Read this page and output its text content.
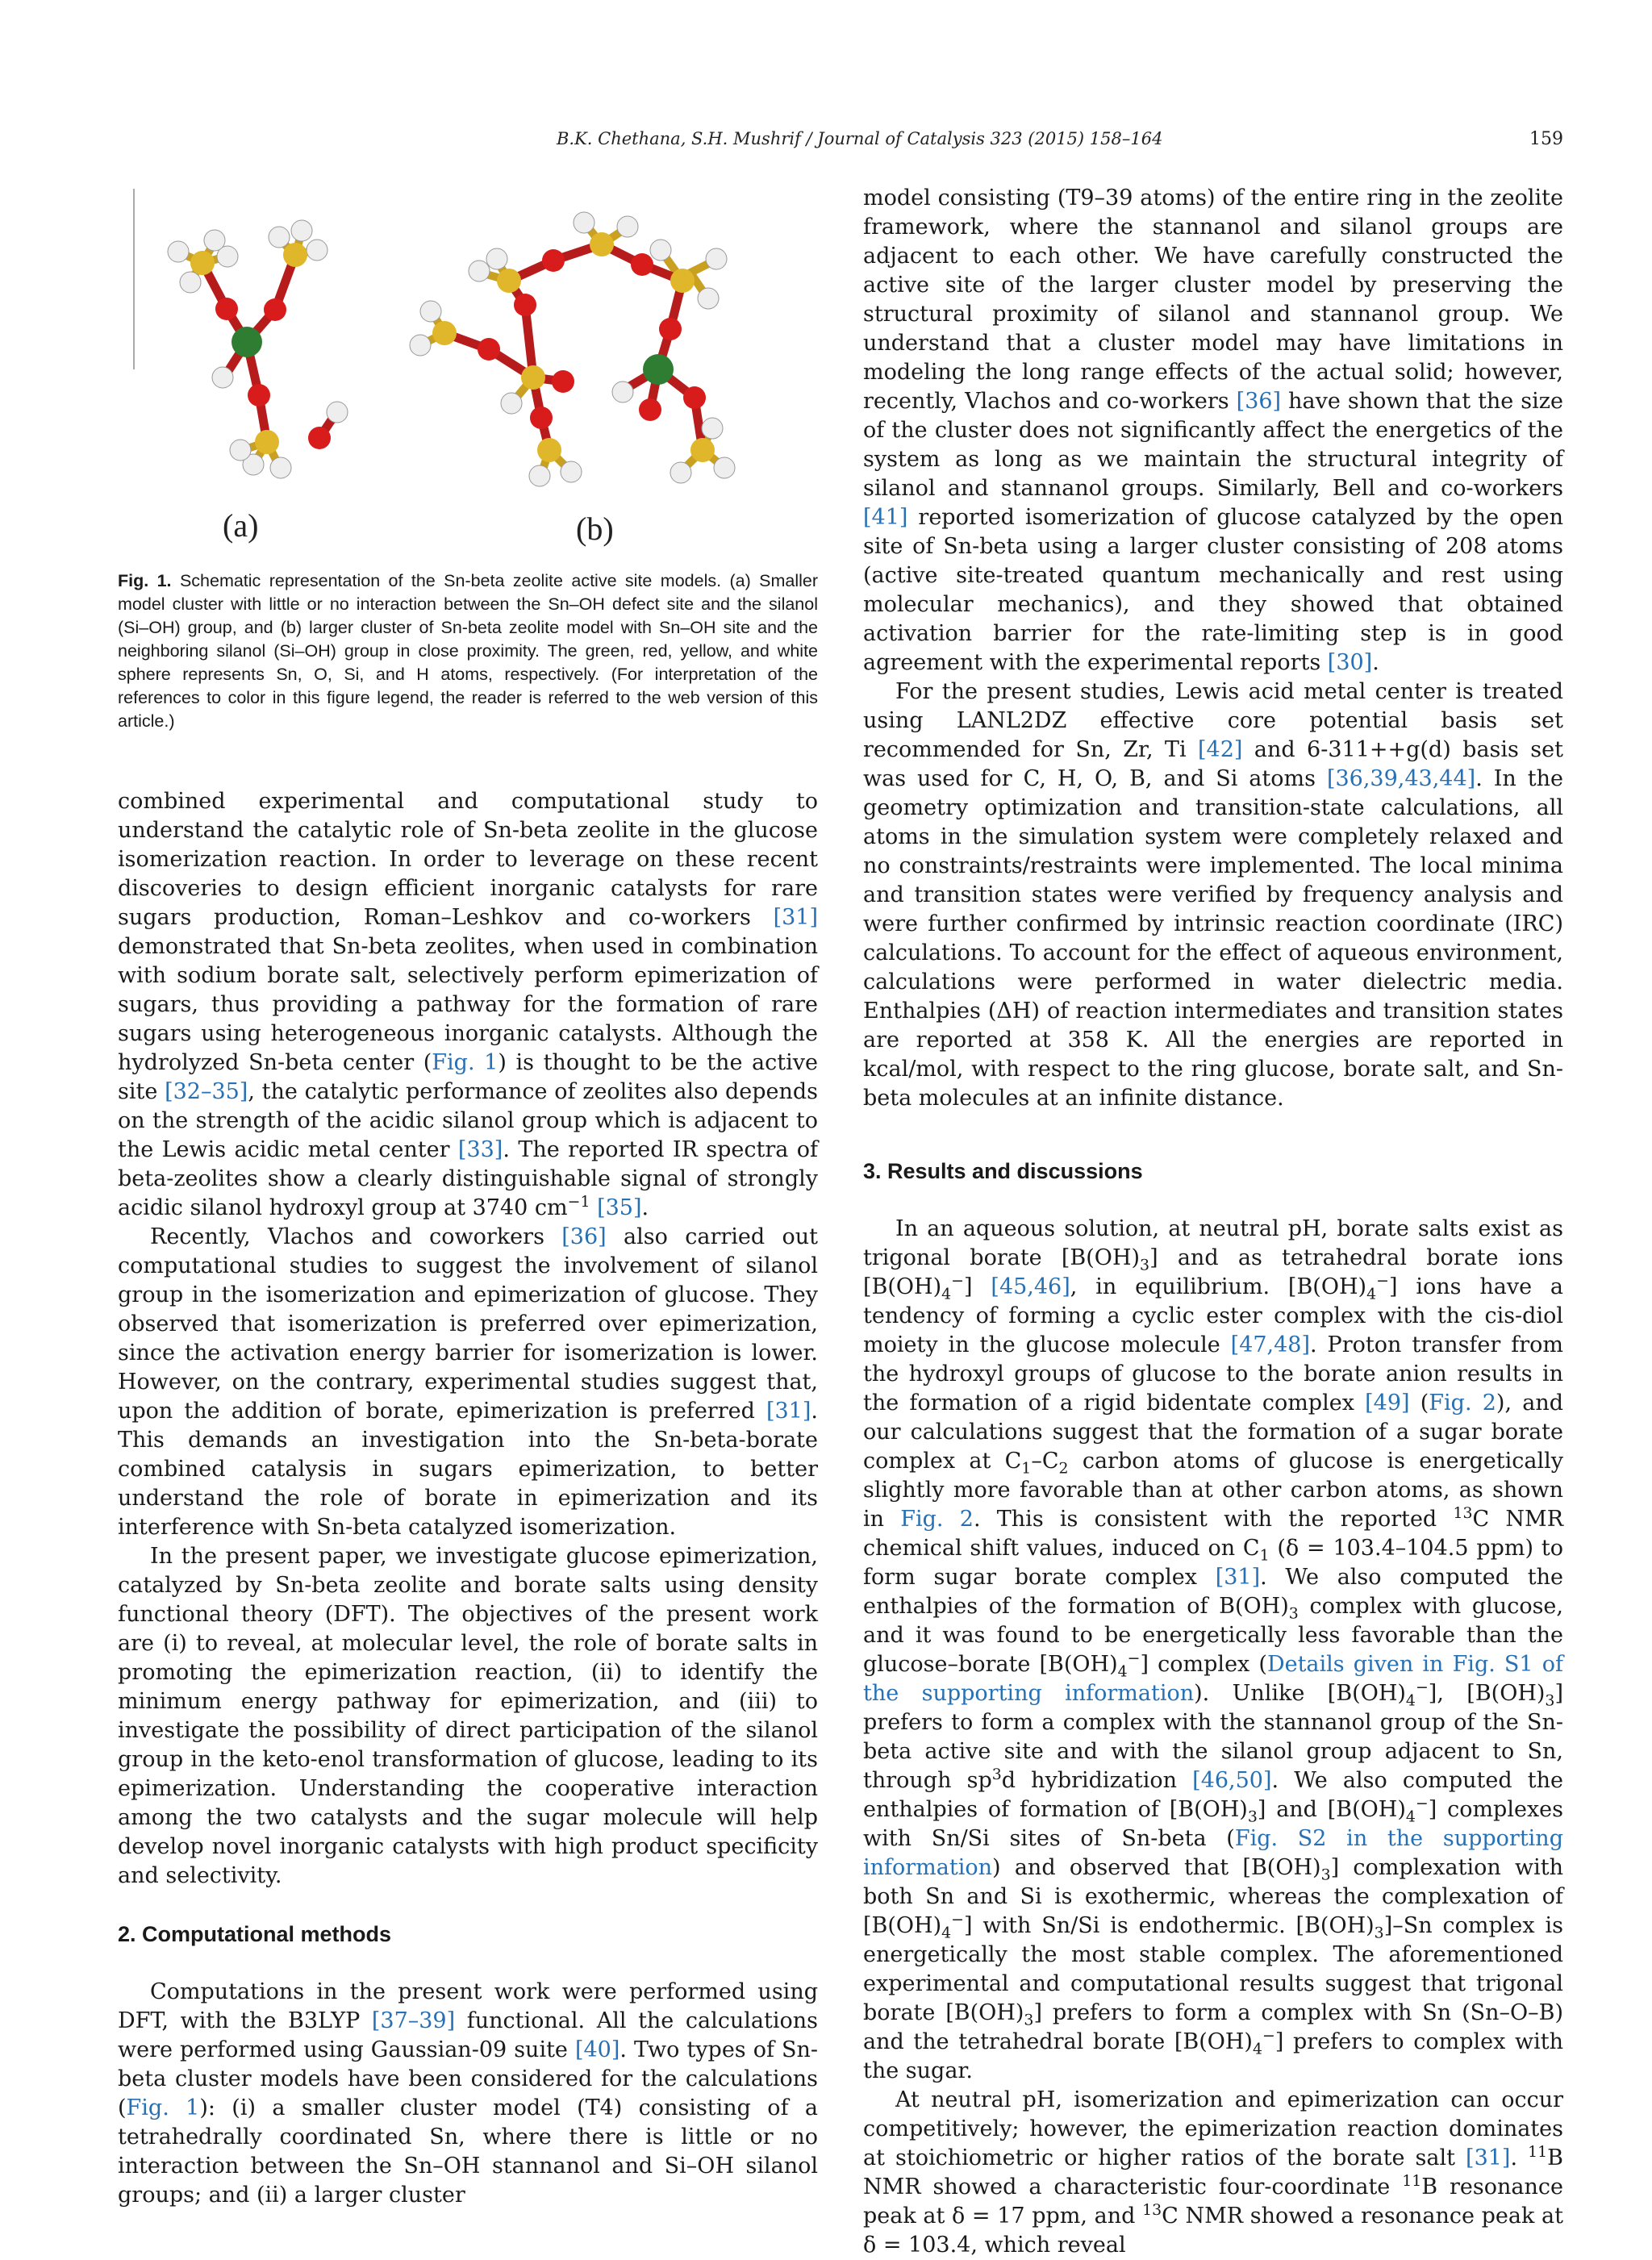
B.K. Chethana, S.H. Mushrif / Journal of Catalysis 323 (2015) 158–164	159
(a)	(b)
Fig. 1. Schematic representation of the Sn-beta zeolite active site models. (a) Smaller model cluster with little or no interaction between the Sn–OH defect site and the silanol (Si–OH) group, and (b) larger cluster of Sn-beta zeolite model with Sn–OH site and the neighboring silanol (Si–OH) group in close proximity. The green, red, yellow, and white sphere represents Sn, O, Si, and H atoms, respectively. (For interpretation of the references to color in this figure legend, the reader is referred to the web version of this article.)

combined experimental and computational study to understand the catalytic role of Sn-beta zeolite in the glucose isomerization reaction. In order to leverage on these recent discoveries to design efficient inorganic catalysts for rare sugars production, Roman–Leshkov and co-workers [31] demonstrated that Sn-beta zeolites, when used in combination with sodium borate salt, selectively perform epimerization of sugars, thus providing a pathway for the formation of rare sugars using heterogeneous inorganic catalysts. Although the hydrolyzed Sn-beta center (Fig. 1) is thought to be the active site [32–35], the catalytic performance of zeolites also depends on the strength of the acidic silanol group which is adjacent to the Lewis acidic metal center [33]. The reported IR spectra of beta-zeolites show a clearly distinguishable signal of strongly acidic silanol hydroxyl group at 3740 $cm^{-1}$ [35].

Recently, Vlachos and coworkers [36] also carried out computational studies to suggest the involvement of silanol group in the isomerization and epimerization of glucose. They observed that isomerization is preferred over epimerization, since the activation energy barrier for isomerization is lower. However, on the contrary, experimental studies suggest that, upon the addition of borate, epimerization is preferred [31]. This demands an investigation into the Sn-beta-borate combined catalysis in sugars epimerization, to better understand the role of borate in epimerization and its interference with Sn-beta catalyzed isomerization.

In the present paper, we investigate glucose epimerization, catalyzed by Sn-beta zeolite and borate salts using density functional theory (DFT). The objectives of the present work are (i) to reveal, at molecular level, the role of borate salts in promoting the epimerization reaction, (ii) to identify the minimum energy pathway for epimerization, and (iii) to investigate the possibility of direct participation of the silanol group in the keto-enol transformation of glucose, leading to its epimerization. Understanding the cooperative interaction among the two catalysts and the sugar molecule will help develop novel inorganic catalysts with high product specificity and selectivity.

2. Computational methods

Computations in the present work were performed using DFT, with the B3LYP [37–39] functional. All the calculations were performed using Gaussian-09 suite [40]. Two types of Sn-beta cluster models have been considered for the calculations (Fig. 1): (i) a smaller cluster model (T4) consisting of a tetrahedrally coordinated Sn, where there is little or no interaction between the Sn–OH stannanol and Si–OH silanol groups; and (ii) a larger cluster

model consisting (T9–39 atoms) of the entire ring in the zeolite framework, where the stannanol and silanol groups are adjacent to each other. We have carefully constructed the active site of the larger cluster model by preserving the structural proximity of silanol and stannanol group. We understand that a cluster model may have limitations in modeling the long range effects of the actual solid; however, recently, Vlachos and co-workers [36] have shown that the size of the cluster does not significantly affect the energetics of the system as long as we maintain the structural integrity of silanol and stannanol groups. Similarly, Bell and co-workers [41] reported isomerization of glucose catalyzed by the open site of Sn-beta using a larger cluster consisting of 208 atoms (active site-treated quantum mechanically and rest using molecular mechanics), and they showed that obtained activation barrier for the rate-limiting step is in good agreement with the experimental reports [30].

For the present studies, Lewis acid metal center is treated using LANL2DZ effective core potential basis set recommended for Sn, Zr, Ti [42] and 6-311++g(d) basis set was used for C, H, O, B, and Si atoms [36,39,43,44]. In the geometry optimization and transition-state calculations, all atoms in the simulation system were completely relaxed and no constraints/restraints were implemented. The local minima and transition states were verified by frequency analysis and were further confirmed by intrinsic reaction coordinate (IRC) calculations. To account for the effect of aqueous environment, calculations were performed in water dielectric media. Enthalpies (ΔH) of reaction intermediates and transition states are reported at 358 K. All the energies are reported in kcal/mol, with respect to the ring glucose, borate salt, and Sn-beta molecules at an infinite distance.

3. Results and discussions

In an aqueous solution, at neutral pH, borate salts exist as trigonal borate $[B(OH)_3]$ and as tetrahedral borate ions $[B(OH)_4^-]$ [45,46], in equilibrium. $[B(OH)_4^-]$ ions have a tendency of forming a cyclic ester complex with the cis-diol moiety in the glucose molecule [47,48]. Proton transfer from the hydroxyl groups of glucose to the borate anion results in the formation of a rigid bidentate complex [49] (Fig. 2), and our calculations suggest that the formation of a sugar borate complex at $C_1-C_2$ carbon atoms of glucose is energetically slightly more favorable than at other carbon atoms, as shown in Fig. 2. This is consistent with the reported $^{13}$C NMR chemical shift values, induced on $C_1$ (δ = 103.4–104.5 ppm) to form sugar borate complex [31]. We also computed the enthalpies of the formation of $B(OH)_3$ complex with glucose, and it was found to be energetically less favorable than the glucose–borate $[B(OH)_4^-]$ complex (Details given in Fig. S1 of the supporting information). Unlike $[B(OH)_4^-]$, $[B(OH)_3]$ prefers to form a complex with the stannanol group of the Sn-beta active site and with the silanol group adjacent to Sn, through $sp^3d$ hybridization [46,50]. We also computed the enthalpies of formation of $[B(OH)_3]$ and $[B(OH)_4^-]$ complexes with Sn/Si sites of Sn-beta (Fig. S2 in the supporting information) and observed that $[B(OH)_3]$ complexation with both Sn and Si is exothermic, whereas the complexation of $[B(OH)_4^-]$ with Sn/Si is endothermic. $[B(OH)_3]-Sn$ complex is energetically the most stable complex. The aforementioned experimental and computational results suggest that trigonal borate $[B(OH)_3]$ prefers to form a complex with Sn (Sn–O–B) and the tetrahedral borate $[B(OH)_4^-]$ prefers to complex with the sugar.

At neutral pH, isomerization and epimerization can occur competitively; however, the epimerization reaction dominates at stoichiometric or higher ratios of the borate salt [31]. $^{11}$B NMR showed a characteristic four-coordinate $^{11}$B resonance peak at δ = 17 ppm, and $^{13}$C NMR showed a resonance peak at δ = 103.4, which reveal
